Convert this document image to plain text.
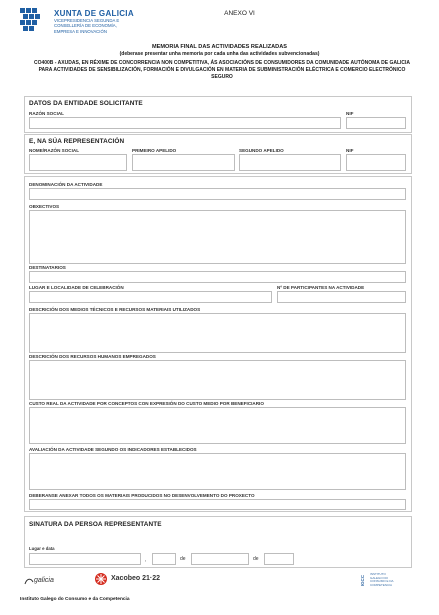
XUNTA DE GALICIA
VICEPRESIDENCIA SEGUNDA E
CONSELLERÍA DE ECONOMÍA,
EMPRESA E INNOVACIÓN
ANEXO VI
MEMORIA FINAL DAS ACTIVIDADES REALIZADAS
(deberase presentar unha memoria por cada unha das actividades subvencionadas)
CO400B - AXUDAS, EN RÉXIME DE CONCORRENCIA NON COMPETITIVA, ÁS ASOCIACIÓNS DE CONSUMIDORES DA COMUNIDADE AUTÓNOMA DE GALICIA PARA ACTIVIDADES DE SENSIBILIZACIÓN, FORMACIÓN E DIVULGACIÓN EN MATERIA DE SUBMINISTRACIÓN ELÉCTRICA E COMERCIO ELECTRÓNICO SEGURO
DATOS DA ENTIDADE SOLICITANTE
RAZÓN SOCIAL	NIF
E, NA SÚA REPRESENTACIÓN
NOME/RAZÓN SOCIAL	PRIMEIRO APELIDO	SEGUNDO APELIDO	NIF
DENOMINACIÓN DA ACTIVIDADE
OBXECTIVOS
DESTINATARIOS
LUGAR E LOCALIDADE DE CELEBRACIÓN	Nº DE PARTICIPANTES NA ACTIVIDADE
DESCRICIÓN DOS MEDIOS TÉCNICOS E RECURSOS MATERIAIS UTILIZADOS
DESCRICIÓN DOS RECURSOS HUMANOS EMPREGADOS
CUSTO REAL DA ACTIVIDADE POR CONCEPTOS CON EXPRESIÓN DO CUSTO MEDIO POR BENEFICIARIO
AVALIACIÓN DA ACTIVIDADE SEGUNDO OS INDICADORES ESTABLECIDOS
DEBERANSE ANEXAR TODOS OS MATERIAIS PRODUCIDOS NO DESENVOLVEMENTO DO PROXECTO
SINATURA DA PERSOA REPRESENTANTE
Lugar e data
,	de	de
galicia	Xacobeo 21·22	IGCC
INSTITUTO
GALEGO DO
CONSUMO E DA
COMPETENCIA
Instituto Galego do Consumo e da Competencia
